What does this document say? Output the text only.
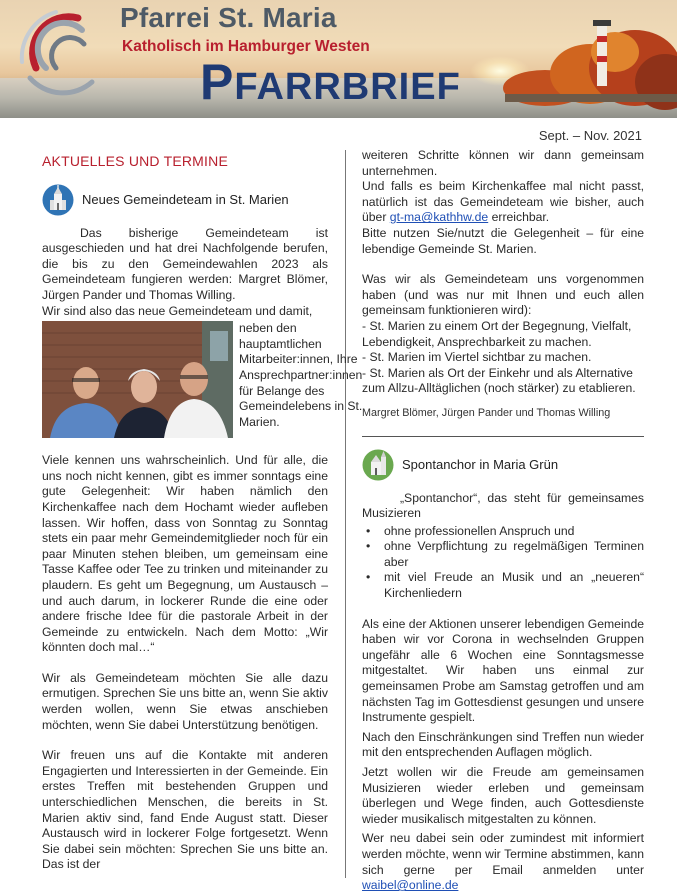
Pfarrei St. Maria
Katholisch im Hamburger Westen
PFARRBRIEF
Sept. – Nov. 2021
AKTUELLES UND TERMINE
Neues Gemeindeteam in St. Marien

Das bisherige Gemeindeteam ist ausgeschieden und hat drei Nachfolgende berufen, die bis zu den Gemeindewahlen 2023 als Gemeindeteam fungieren werden: Margret Blömer, Jürgen Pander und Thomas Willing.

Wir sind also das neue Gemeindeteam und damit,

neben den hauptamtlichen Mitarbeiter:innen, Ihre Ansprechpartner:innen für Belange des Gemeindelebens in St. Marien.

Viele kennen uns wahrscheinlich. Und für alle, die uns noch nicht kennen, gibt es immer sonntags eine gute Gelegenheit: Wir haben nämlich den Kirchenkaffee nach dem Hochamt wieder aufleben lassen. Wir hoffen, dass von Sonntag zu Sonntag stets ein paar mehr Gemeindemitglieder noch für ein paar Minuten stehen bleiben, um gemeinsam eine Tasse Kaffee oder Tee zu trinken und miteinander zu plaudern. Es geht um Begegnung, um Austausch – und auch darum, in lockerer Runde die eine oder andere frische Idee für die pastorale Arbeit in der Gemeinde zu entwickeln. Nach dem Motto: „Wir könnten doch mal…“

Wir als Gemeindeteam möchten Sie alle dazu ermutigen. Sprechen Sie uns bitte an, wenn Sie aktiv werden wollen, wenn Sie etwas anschieben möchten, wenn Sie dabei Unterstützung benötigen.

Wir freuen uns auf die Kontakte mit anderen Engagierten und Interessierten in der Gemeinde. Ein erstes Treffen mit bestehenden Gruppen und unterschiedlichen Menschen, die bereits in St. Marien aktiv sind, fand Ende August statt. Dieser Austausch wird in lockerer Folge fortgesetzt. Wenn Sie dabei sein möchten: Sprechen Sie uns bitte an. Das ist der

weiteren Schritte können wir dann gemeinsam unternehmen.

Und falls es beim Kirchenkaffee mal nicht passt, natürlich ist das Gemeindeteam wie bisher, auch über gt-ma@kathhw.de erreichbar.

Bitte nutzen Sie/nutzt die Gelegenheit – für eine lebendige Gemeinde St. Marien.

Was wir als Gemeindeteam uns vorgenommen haben (und was nur mit Ihnen und euch allen gemeinsam funktionieren wird):

- St. Marien zu einem Ort der Begegnung, Vielfalt, Lebendigkeit, Ansprechbarkeit zu machen.

- St. Marien im Viertel sichtbar zu machen.

- St. Marien als Ort der Einkehr und als Alternative zum Allzu-Alltäglichen (noch stärker) zu etablieren.

Margret Blömer, Jürgen Pander und Thomas Willing
Spontanchor in Maria Grün

„Spontanchor“, das steht für gemeinsames Musizieren

• ohne professionellen Anspruch und
• ohne Verpflichtung zu regelmäßigen Terminen aber
• mit viel Freude an Musik und an „neueren“ Kirchenliedern

Als eine der Aktionen unserer lebendigen Gemeinde haben wir vor Corona in wechselnden Gruppen ungefähr alle 6 Wochen eine Sonntagsmesse mitgestaltet. Wir haben uns einmal zur gemeinsamen Probe am Samstag getroffen und am nächsten Tag im Gottesdienst gesungen und unsere Instrumente gespielt.

Nach den Einschränkungen sind Treffen nun wieder mit den entsprechenden Auflagen möglich.

Jetzt wollen wir die Freude am gemeinsamen Musizieren wieder erleben und gemeinsam überlegen und Wege finden, auch Gottesdienste wieder musikalisch mitgestalten zu können.

Wer neu dabei sein oder zumindest mit informiert werden möchte, wenn wir Termine abstimmen, kann sich gerne per Email anmelden unter waibel@online.de
